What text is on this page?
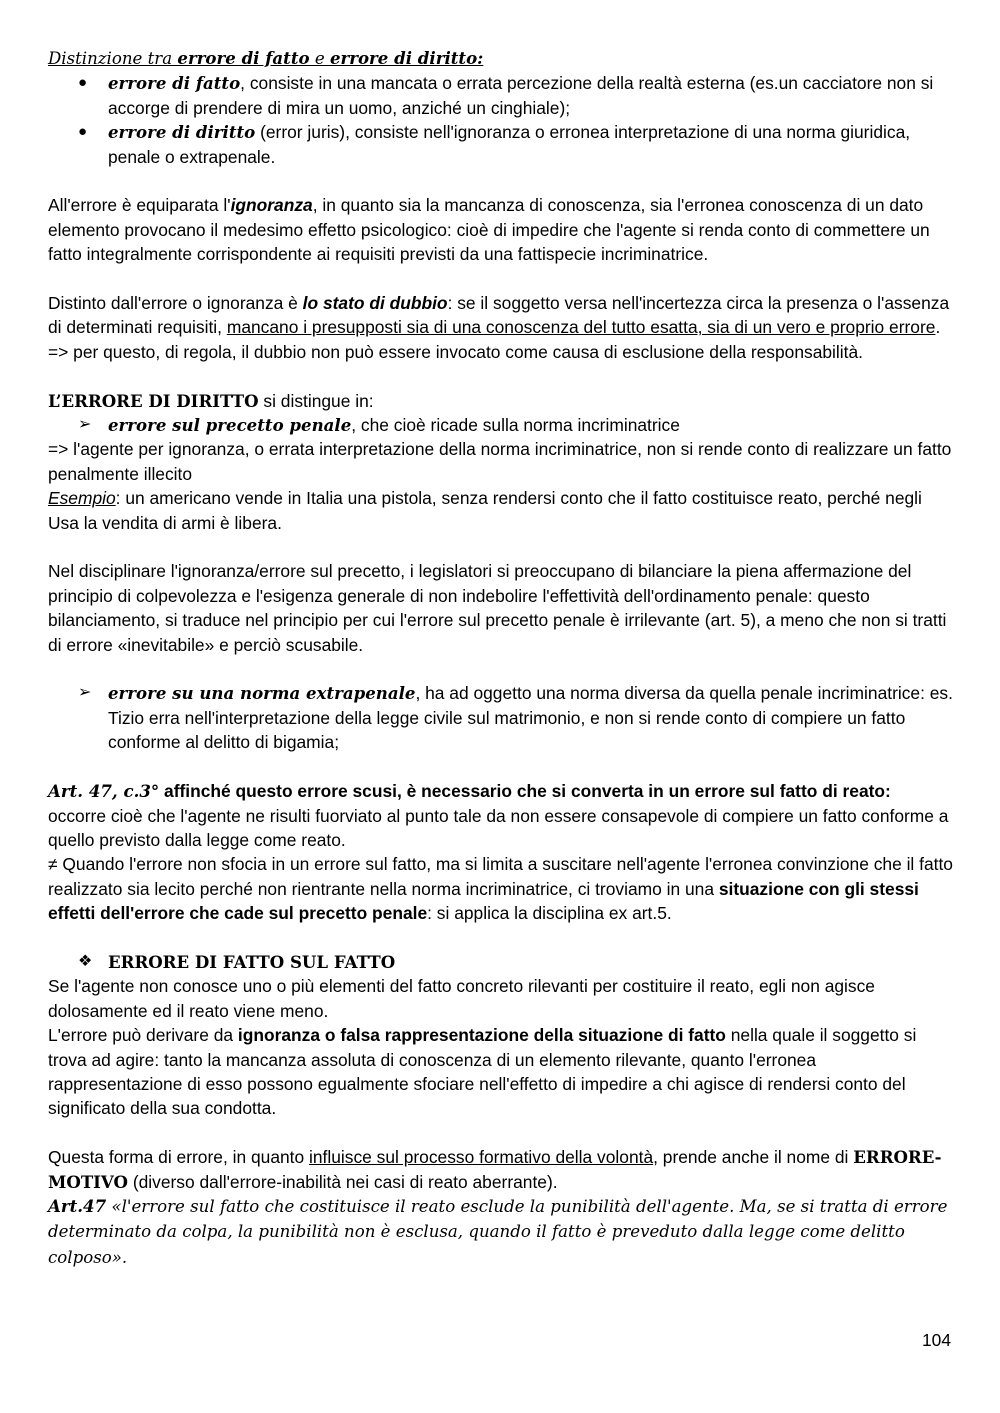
Distinzione tra errore di fatto e errore di diritto:

●	errore di fatto, consiste in una mancata o errata percezione della realtà esterna (es.un cacciatore non si accorge di prendere di mira un uomo, anziché un cinghiale);
●	errore di diritto (error juris), consiste nell'ignoranza o erronea interpretazione di una norma giuridica, penale o extrapenale.

All'errore è equiparata l'ignoranza, in quanto sia la mancanza di conoscenza, sia l'erronea conoscenza di un dato elemento provocano il medesimo effetto psicologico: cioè di impedire che l'agente si renda conto di commettere un fatto integralmente corrispondente ai requisiti previsti da una fattispecie incriminatrice.

Distinto dall'errore o ignoranza è lo stato di dubbio: se il soggetto versa nell'incertezza circa la presenza o l'assenza di determinati requisiti, mancano i presupposti sia di una conoscenza del tutto esatta, sia di un vero e proprio errore.

=> per questo, di regola, il dubbio non può essere invocato come causa di esclusione della responsabilità.

L’ERRORE DI DIRITTO si distingue in:

➢ errore sul precetto penale, che cioè ricade sulla norma incriminatrice

=> l'agente per ignoranza, o errata interpretazione della norma incriminatrice, non si rende conto di realizzare un fatto penalmente illecito

Esempio: un americano vende in Italia una pistola, senza rendersi conto che il fatto costituisce reato, perché negli Usa la vendita di armi è libera.

Nel disciplinare l'ignoranza/errore sul precetto, i legislatori si preoccupano di bilanciare la piena affermazione del principio di colpevolezza e l'esigenza generale di non indebolire l'effettività dell'ordinamento penale: questo bilanciamento, si traduce nel principio per cui l'errore sul precetto penale è irrilevante (art. 5), a meno che non si tratti di errore «inevitabile» e perciò scusabile.

➢ errore su una norma extrapenale, ha ad oggetto una norma diversa da quella penale incriminatrice: es. Tizio erra nell'interpretazione della legge civile sul matrimonio, e non si rende conto di compiere un fatto conforme al delitto di bigamia;

Art. 47, c.3° affinché questo errore scusi, è necessario che si converta in un errore sul fatto di reato: occorre cioè che l'agente ne risulti fuorviato al punto tale da non essere consapevole di compiere un fatto conforme a quello previsto dalla legge come reato.

≠ Quando l'errore non sfocia in un errore sul fatto, ma si limita a suscitare nell'agente l'erronea convinzione che il fatto realizzato sia lecito perché non rientrante nella norma incriminatrice, ci troviamo in una situazione con gli stessi effetti dell'errore che cade sul precetto penale: si applica la disciplina ex art.5.

❖ ERRORE DI FATTO SUL FATTO

Se l'agente non conosce uno o più elementi del fatto concreto rilevanti per costituire il reato, egli non agisce dolosamente ed il reato viene meno.

L'errore può derivare da ignoranza o falsa rappresentazione della situazione di fatto nella quale il soggetto si trova ad agire: tanto la mancanza assoluta di conoscenza di un elemento rilevante, quanto l'erronea rappresentazione di esso possono egualmente sfociare nell'effetto di impedire a chi agisce di rendersi conto del significato della sua condotta.

Questa forma di errore, in quanto influisce sul processo formativo della volontà, prende anche il nome di ERRORE-MOTIVO (diverso dall'errore-inabilità nei casi di reato aberrante).

Art.47 «l'errore sul fatto che costituisce il reato esclude la punibilità dell'agente. Ma, se si tratta di errore determinato da colpa, la punibilità non è esclusa, quando il fatto è preveduto dalla legge come delitto colposo».

104
